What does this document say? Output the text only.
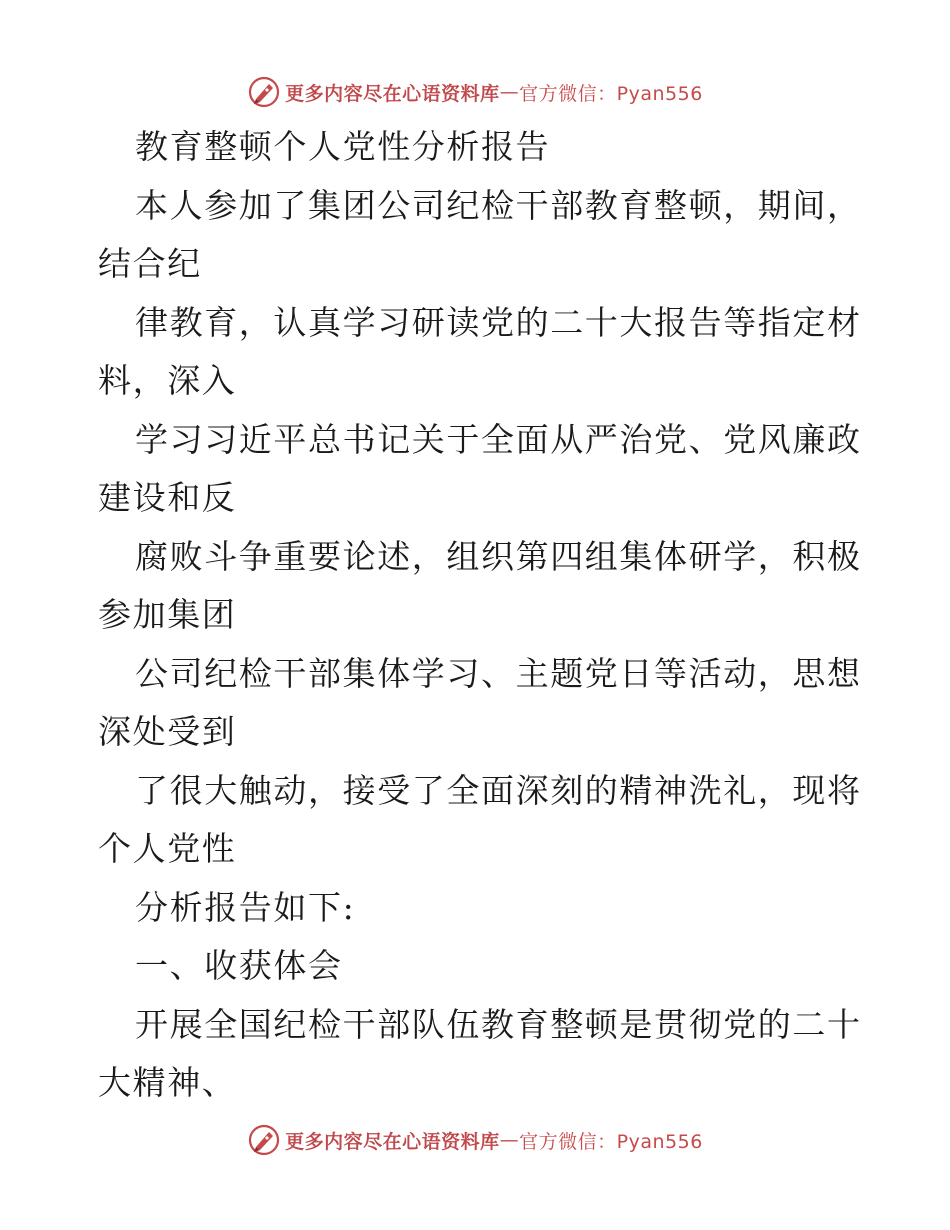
更多内容尽在心语资料库 — 官方微信：Pyan556
教育整顿个人党性分析报告
本人参加了集团公司纪检干部教育整顿，期间，
结合纪
律教育，认真学习研读党的二十大报告等指定材
料，深入
学习习近平总书记关于全面从严治党、党风廉政
建设和反
腐败斗争重要论述，组织第四组集体研学，积极
参加集团
公司纪检干部集体学习、主题党日等活动，思想
深处受到
了很大触动，接受了全面深刻的精神洗礼，现将
个人党性
分析报告如下:
一、收获体会
开展全国纪检干部队伍教育整顿是贯彻党的二十
大精神、
更多内容尽在心语资料库 — 官方微信：Pyan556
